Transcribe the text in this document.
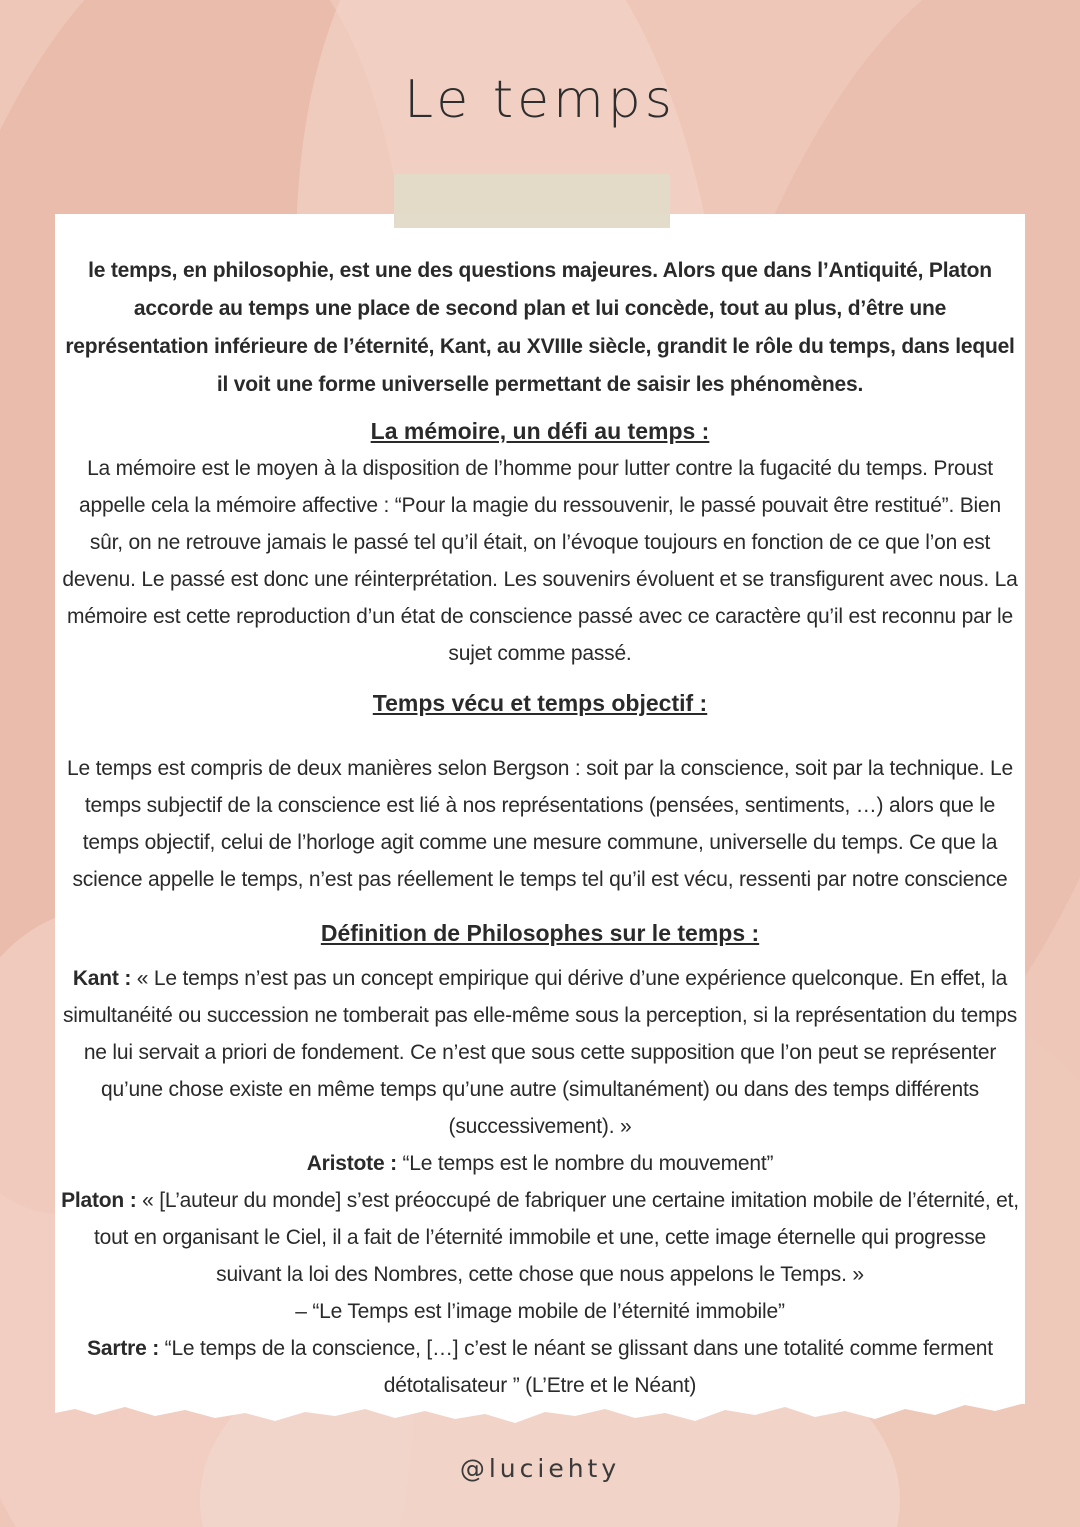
Le temps

le temps, en philosophie, est une des questions majeures. Alors que dans l’Antiquité, Platon accorde au temps une place de second plan et lui concède, tout au plus, d’être une représentation inférieure de l’éternité, Kant, au XVIIIe siècle, grandit le rôle du temps, dans lequel il voit une forme universelle permettant de saisir les phénomènes.

La mémoire, un défi au temps :

La mémoire est le moyen à la disposition de l’homme pour lutter contre la fugacité du temps. Proust appelle cela la mémoire affective : “Pour la magie du ressouvenir, le passé pouvait être restitué”. Bien sûr, on ne retrouve jamais le passé tel qu’il était, on l’évoque toujours en fonction de ce que l’on est devenu. Le passé est donc une réinterprétation. Les souvenirs évoluent et se transfigurent avec nous. La mémoire est cette reproduction d’un état de conscience passé avec ce caractère qu’il est reconnu par le sujet comme passé.

Temps vécu et temps objectif :

Le temps est compris de deux manières selon Bergson : soit par la conscience, soit par la technique. Le temps subjectif de la conscience est lié à nos représentations (pensées, sentiments, …) alors que le temps objectif, celui de l’horloge agit comme une mesure commune, universelle du temps. Ce que la science appelle le temps, n’est pas réellement le temps tel qu’il est vécu, ressenti par notre conscience

Définition de Philosophes sur le temps :

Kant : « Le temps n’est pas un concept empirique qui dérive d’une expérience quelconque. En effet, la simultanéité ou succession ne tomberait pas elle-même sous la perception, si la représentation du temps ne lui servait a priori de fondement. Ce n’est que sous cette supposition que l’on peut se représenter qu’une chose existe en même temps qu’une autre (simultanément) ou dans des temps différents (successivement). »

Aristote : “Le temps est le nombre du mouvement”

Platon : « [L’auteur du monde] s’est préoccupé de fabriquer une certaine imitation mobile de l’éternité, et, tout en organisant le Ciel, il a fait de l’éternité immobile et une, cette image éternelle qui progresse suivant la loi des Nombres, cette chose que nous appelons le Temps. »

– “Le Temps est l’image mobile de l’éternité immobile”

Sartre : “Le temps de la conscience, […] c’est le néant se glissant dans une totalité comme ferment détotalisateur ” (L’Etre et le Néant)

@luciehty
